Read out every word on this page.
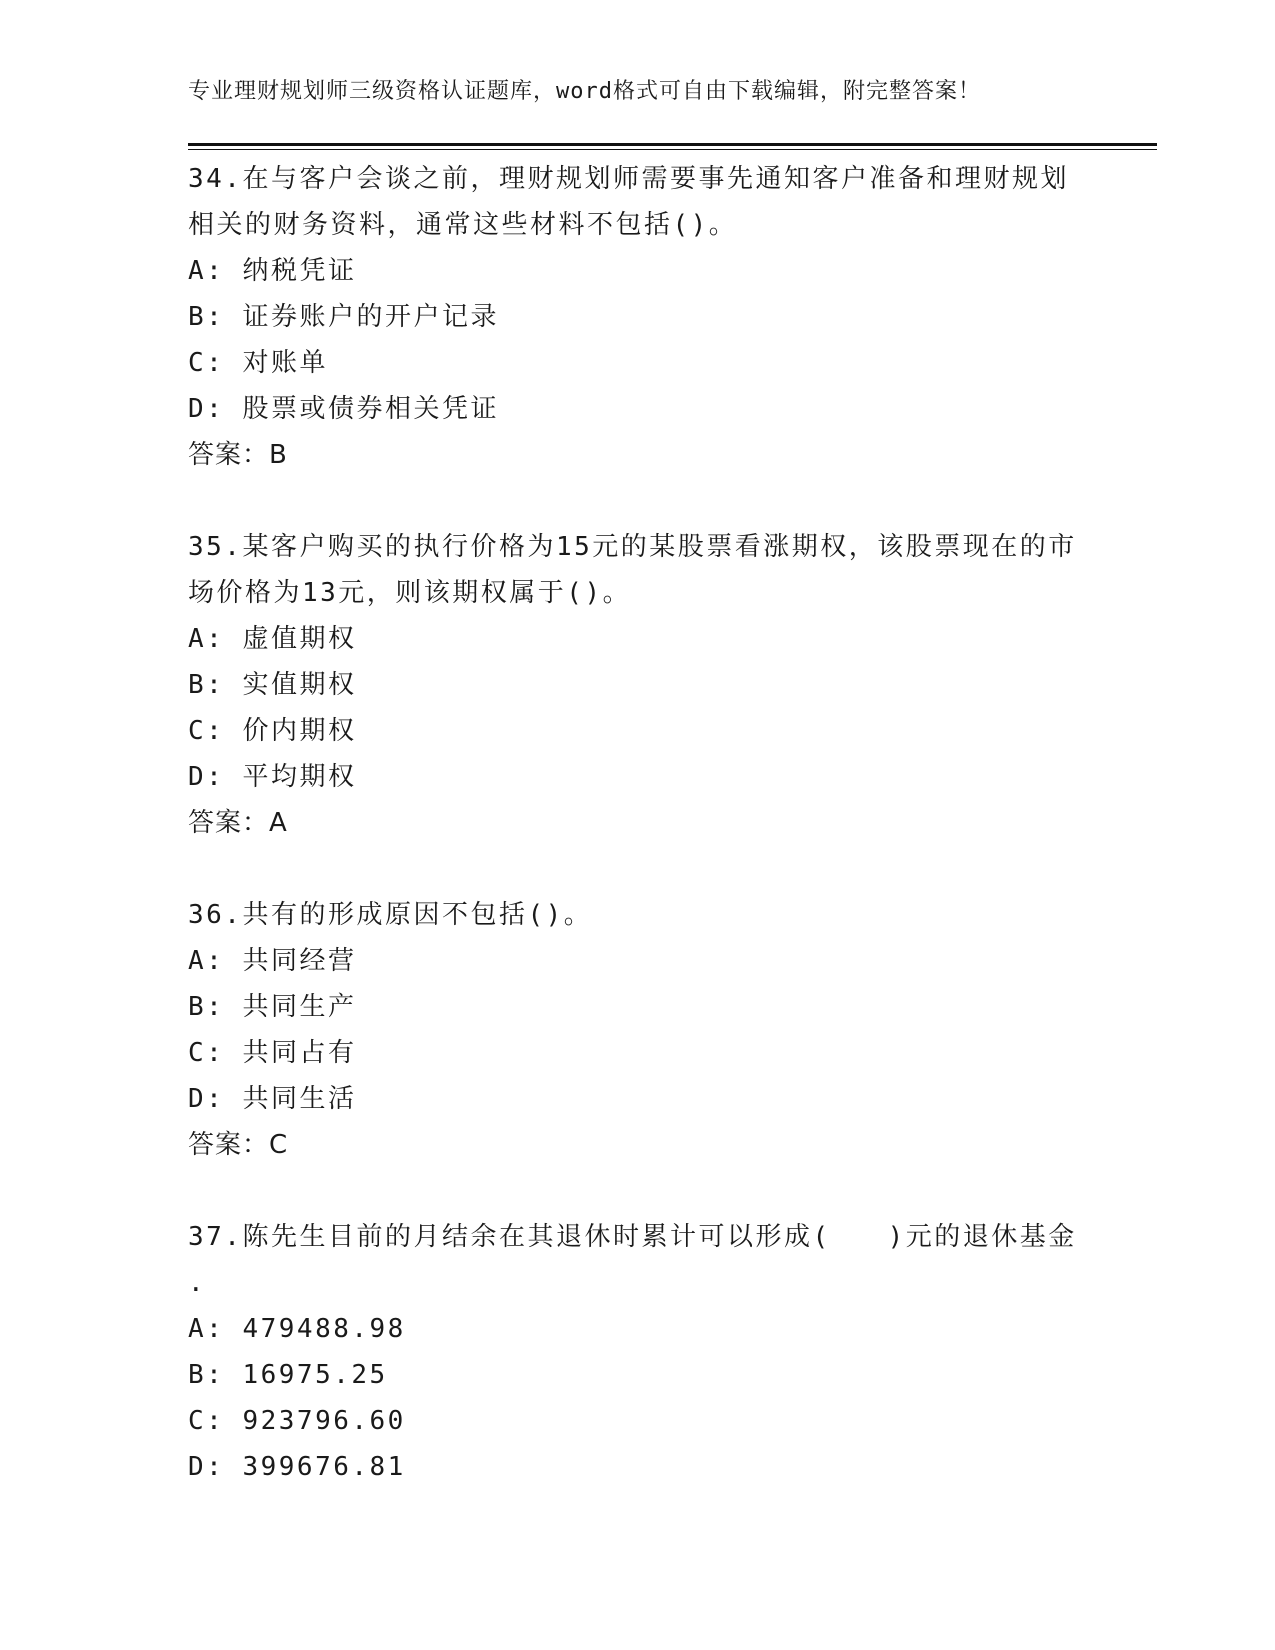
专业理财规划师三级资格认证题库，word格式可自由下载编辑，附完整答案！
34.在与客户会谈之前，理财规划师需要事先通知客户准备和理财规划相关的财务资料，通常这些材料不包括()。
A: 纳税凭证
B: 证券账户的开户记录
C: 对账单
D: 股票或债券相关凭证
答案：B
35.某客户购买的执行价格为15元的某股票看涨期权，该股票现在的市场价格为13元，则该期权属于()。
A: 虚值期权
B: 实值期权
C: 价内期权
D: 平均期权
答案：A
36.共有的形成原因不包括()。
A: 共同经营
B: 共同生产
C: 共同占有
D: 共同生活
答案：C
37.陈先生目前的月结余在其退休时累计可以形成(　　)元的退休基金
.
A: 479488.98
B: 16975.25
C: 923796.60
D: 399676.81
